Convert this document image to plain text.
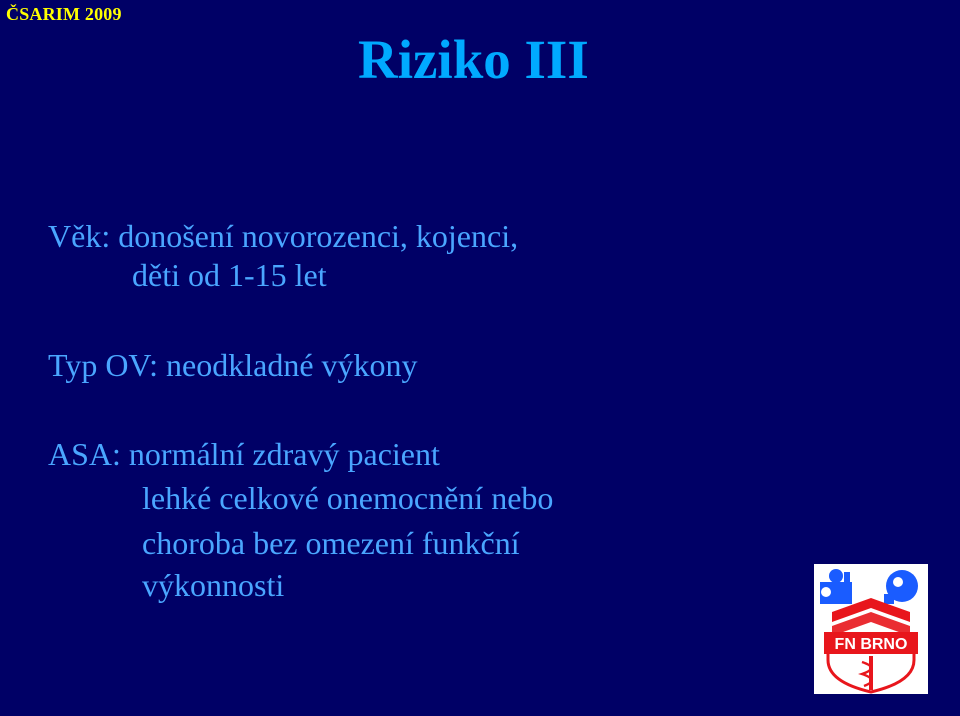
ČSARIM 2009
Riziko III
Věk: donošení novorozenci, kojenci,
děti od 1-15 let
Typ OV: neodkladné výkony
ASA: normální zdravý pacient
lehké celkové onemocnění nebo
choroba bez omezení funkční
výkonnosti
FN BRNO
